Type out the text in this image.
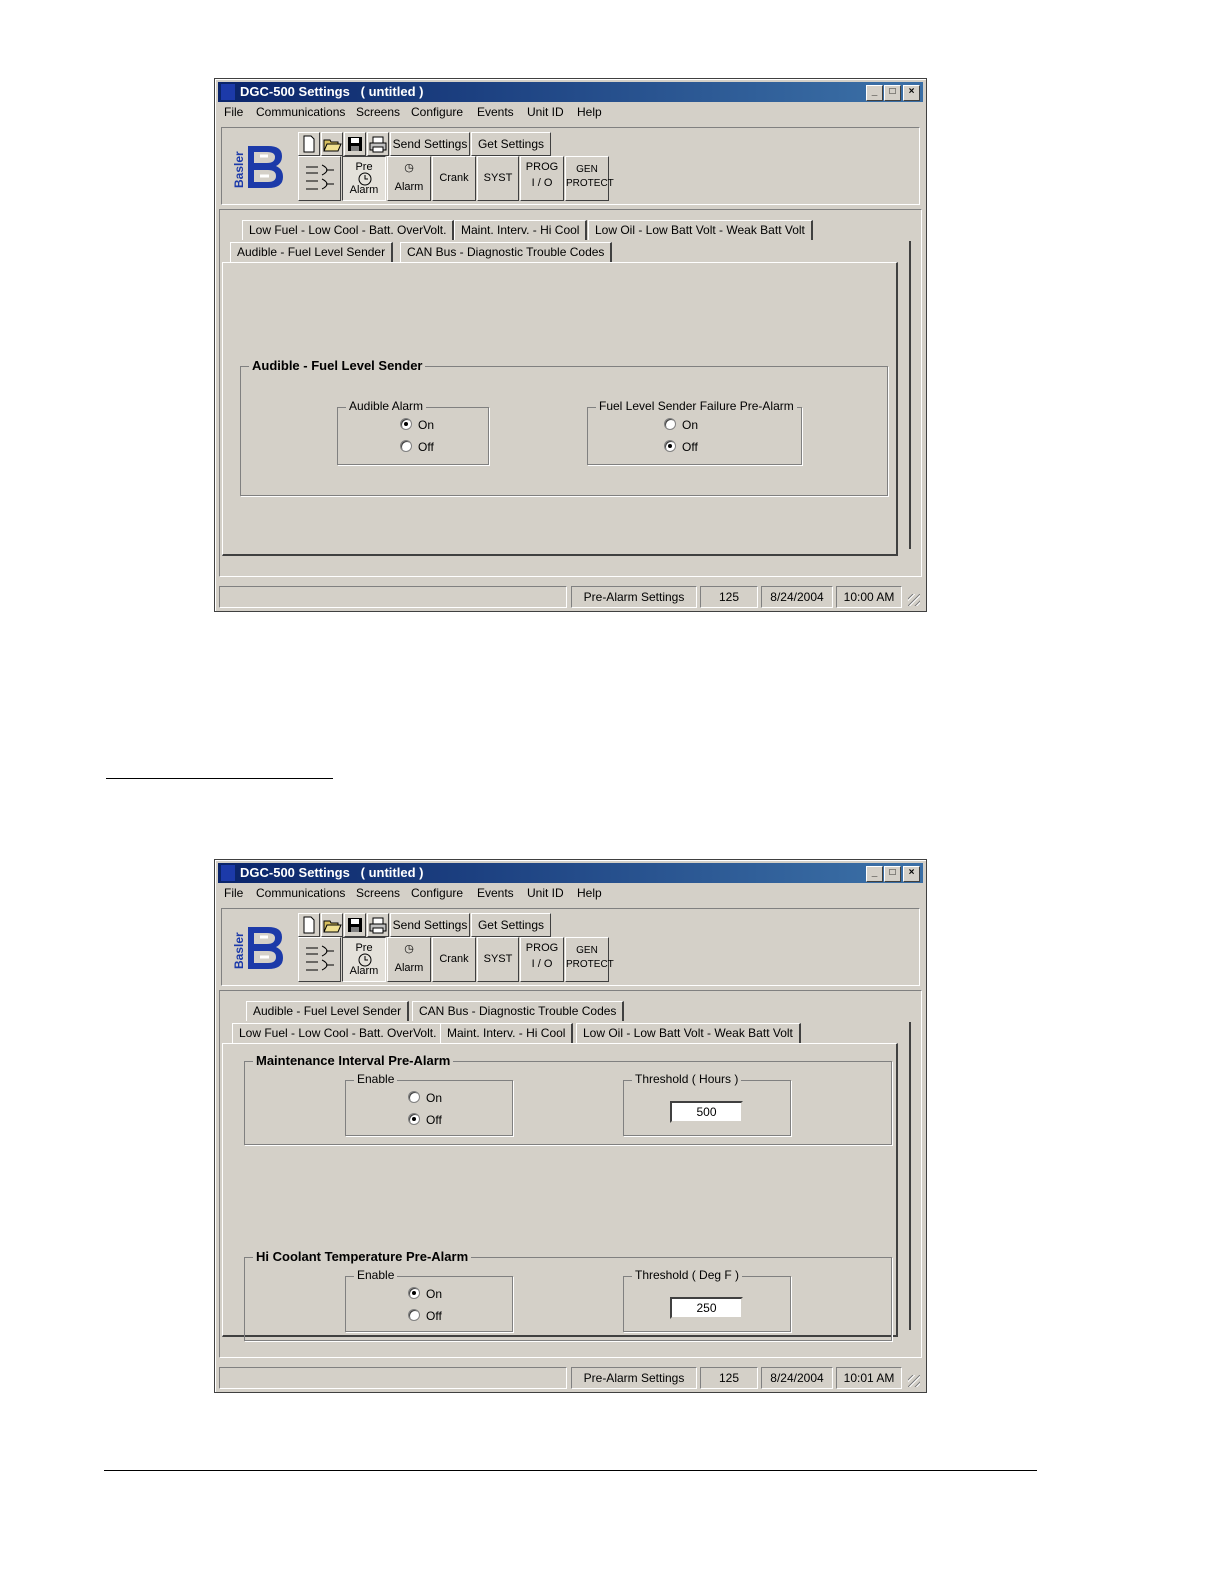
DGC-500 Settings   ( untitled )	_	□	×
File Communications Screens Configure Events Unit ID Help
Basler
Send Settings Get Settings
Pre
Alarm
◷
Alarm
Crank	SYST
PROG
I / O
GEN
PROTECT
Low Fuel - Low Cool - Batt. OverVolt.	Maint. Interv. - Hi Cool	Low Oil - Low Batt Volt - Weak Batt Volt
Audible - Fuel Level Sender	CAN Bus - Diagnostic Trouble Codes
Audible - Fuel Level Sender
Audible Alarm
On
Off
Fuel Level Sender Failure Pre-Alarm
On
Off
Pre-Alarm Settings	125	8/24/2004	10:00 AM
DGC-500 Settings   ( untitled )	_	□	×
File Communications Screens Configure Events Unit ID Help
Basler
Send Settings Get Settings
Pre
Alarm
◷
Alarm
Crank	SYST
PROG
I / O
GEN
PROTECT
Audible - Fuel Level Sender	CAN Bus - Diagnostic Trouble Codes
Low Fuel - Low Cool - Batt. OverVolt. Maint. Interv. - Hi Cool	Low Oil - Low Batt Volt - Weak Batt Volt
Maintenance Interval Pre-Alarm
Enable
On
Off
Threshold ( Hours )
500
Hi Coolant Temperature Pre-Alarm
Enable
On
Off
Threshold ( Deg F )
250
Pre-Alarm Settings	125	8/24/2004	10:01 AM
